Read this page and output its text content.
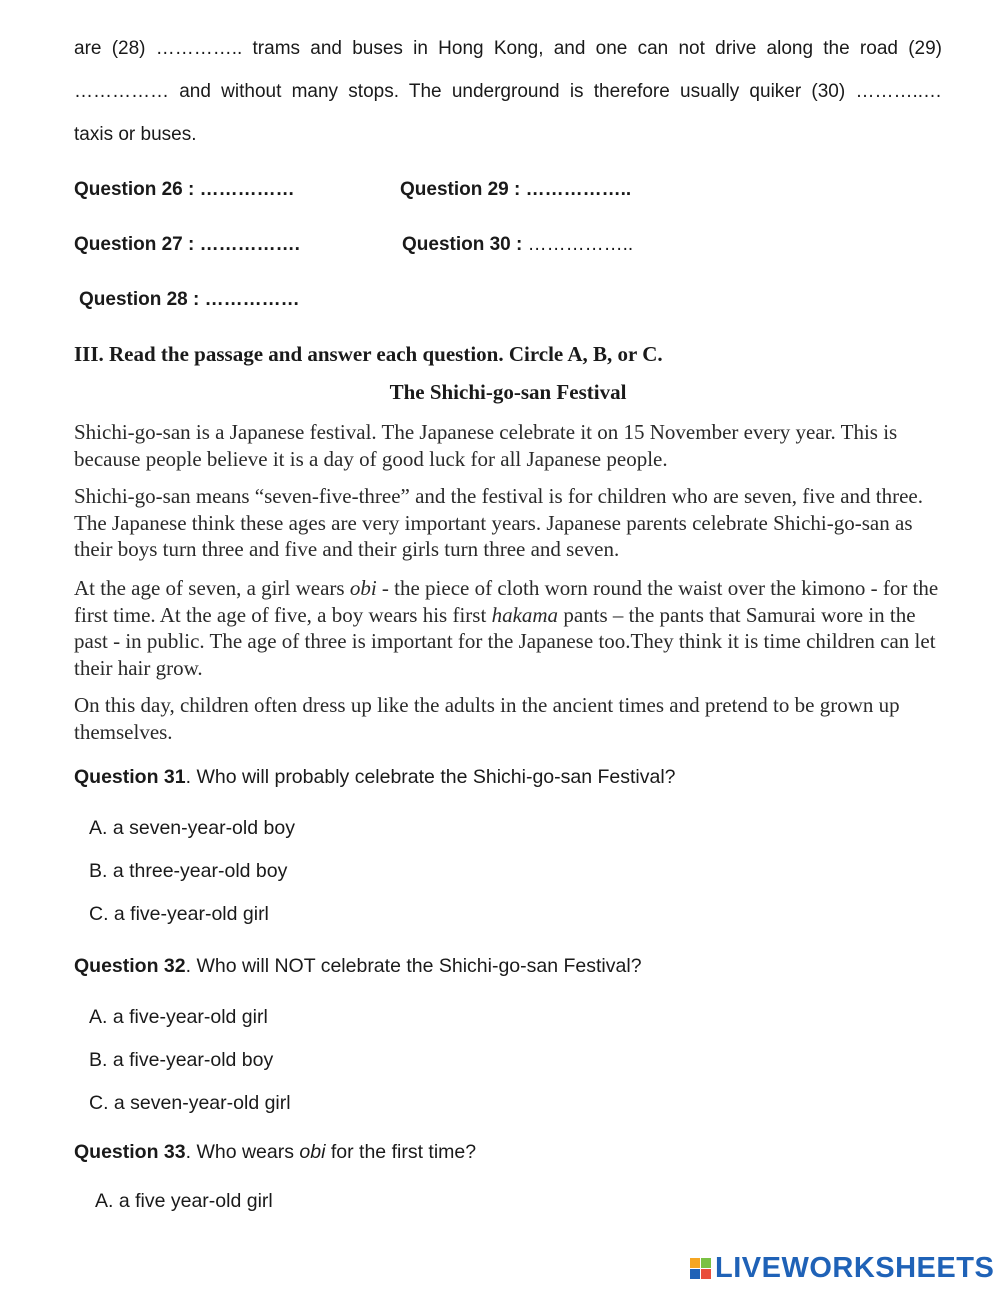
are (28) ………….. trams and buses in Hong Kong, and one can not drive along the road (29)
…………… and without many stops. The underground is therefore usually quiker (30) ………..…
taxis or buses.
Question 26 : ……………	Question 29 : ……………..
Question 27 : …………….	Question 30 : ……………..
Question 28 : ……………
III. Read the passage and answer each question. Circle A, B, or C.
The Shichi-go-san Festival
Shichi-go-san is a Japanese festival. The Japanese celebrate it on 15 November every year. This is because people believe it is a day of good luck for all Japanese people.
Shichi-go-san means “seven-five-three” and the festival is for children who are seven, five and three. The Japanese think these ages are very important years. Japanese parents celebrate Shichi-go-san as their boys turn three and five and their girls turn three and seven.
At the age of seven, a girl wears obi - the piece of cloth worn round the waist over the kimono - for the first time. At the age of five, a boy wears his first hakama pants – the pants that Samurai wore in the past - in public. The age of three is important for the Japanese too.They think it is time children can let their hair grow.
On this day, children often dress up like the adults in the ancient times and pretend to be grown up themselves.
Question 31. Who will probably celebrate the Shichi-go-san Festival?
A. a seven-year-old boy
B. a three-year-old boy
C. a five-year-old girl
Question 32. Who will NOT celebrate the Shichi-go-san Festival?
A. a five-year-old girl
B. a five-year-old boy
C. a seven-year-old girl
Question 33. Who wears obi for the first time?
A. a five year-old girl
LIVEWORKSHEETS
